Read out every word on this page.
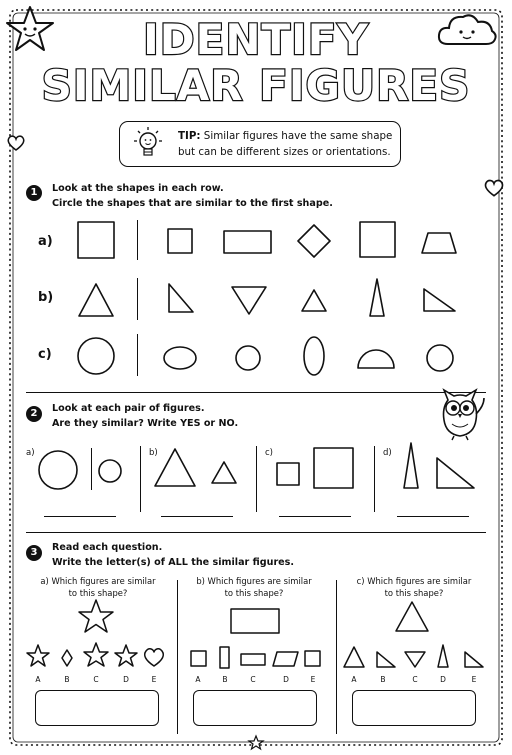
IDENTIFY
SIMILAR FIGURES
TIP: Similar figures have the same shape
but can be different sizes or orientations.
1	Look at the shapes in each row.
Circle the shapes that are similar to the first shape.
a)
b)
c)
2	Look at each pair of figures.
Are they similar? Write YES or NO.
a)	b)	c)	d)
3	Read each question.
Write the letter(s) of ALL the similar figures.
a) Which figures are similar
to this shape?
b) Which figures are similar
to this shape?
c) Which figures are similar
to this shape?
A	B	C	D	E	A	B	C	D	E	A	B	C	D	E
